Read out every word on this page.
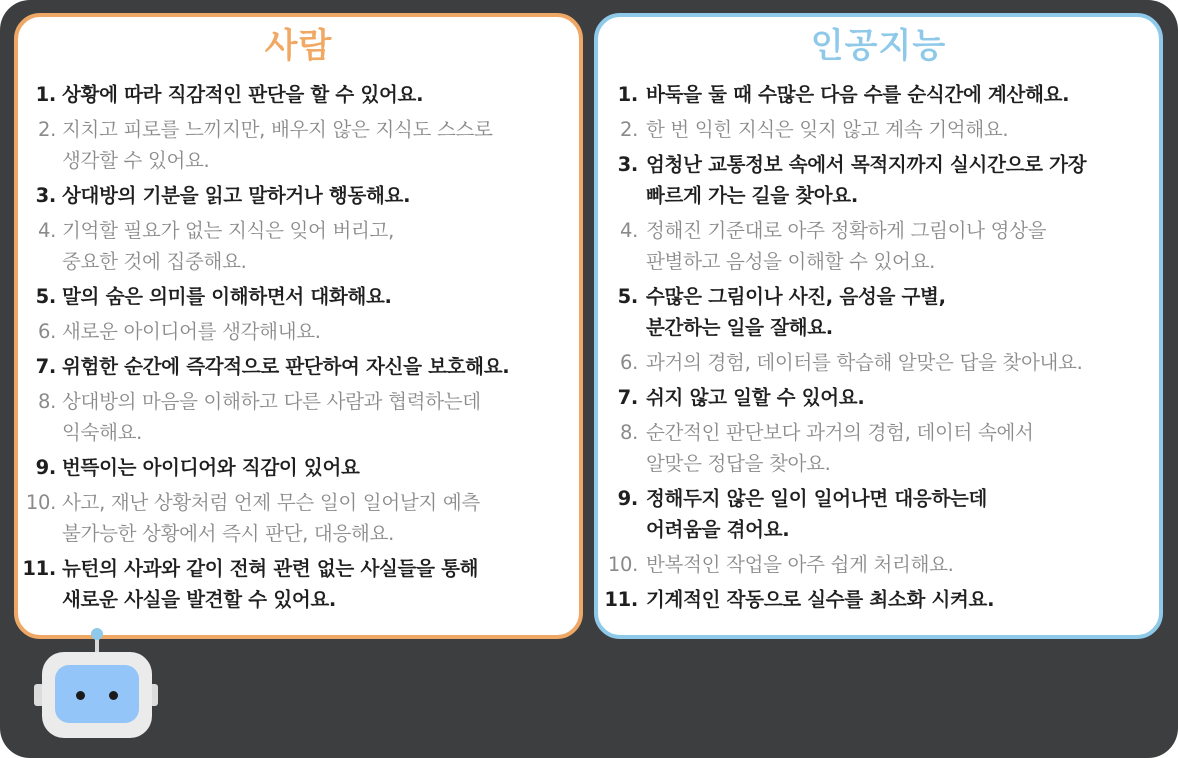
사람
1. 상황에 따라 직감적인 판단을 할 수 있어요.
2. 지치고 피로를 느끼지만, 배우지 않은 지식도 스스로
생각할 수 있어요.
3. 상대방의 기분을 읽고 말하거나 행동해요.
4. 기억할 필요가 없는 지식은 잊어 버리고,
중요한 것에 집중해요.
5. 말의 숨은 의미를 이해하면서 대화해요.
6. 새로운 아이디어를 생각해내요.
7. 위험한 순간에 즉각적으로 판단하여 자신을 보호해요.
8. 상대방의 마음을 이해하고 다른 사람과 협력하는데
익숙해요.
9. 번뜩이는 아이디어와 직감이 있어요
10. 사고, 재난 상황처럼 언제 무슨 일이 일어날지 예측
불가능한 상황에서 즉시 판단, 대응해요.
11. 뉴턴의 사과와 같이 전혀 관련 없는 사실들을 통해
새로운 사실을 발견할 수 있어요.
인공지능
1. 바둑을 둘 때 수많은 다음 수를 순식간에 계산해요.
2. 한 번 익힌 지식은 잊지 않고 계속 기억해요.
3. 엄청난 교통정보 속에서 목적지까지 실시간으로 가장
빠르게 가는 길을 찾아요.
4. 정해진 기준대로 아주 정확하게 그림이나 영상을
판별하고 음성을 이해할 수 있어요.
5. 수많은 그림이나 사진, 음성을 구별,
분간하는 일을 잘해요.
6. 과거의 경험, 데이터를 학습해 알맞은 답을 찾아내요.
7. 쉬지 않고 일할 수 있어요.
8. 순간적인 판단보다 과거의 경험, 데이터 속에서
알맞은 정답을 찾아요.
9. 정해두지 않은 일이 일어나면 대응하는데
어려움을 겪어요.
10. 반복적인 작업을 아주 쉽게 처리해요.
11. 기계적인 작동으로 실수를 최소화 시켜요.
